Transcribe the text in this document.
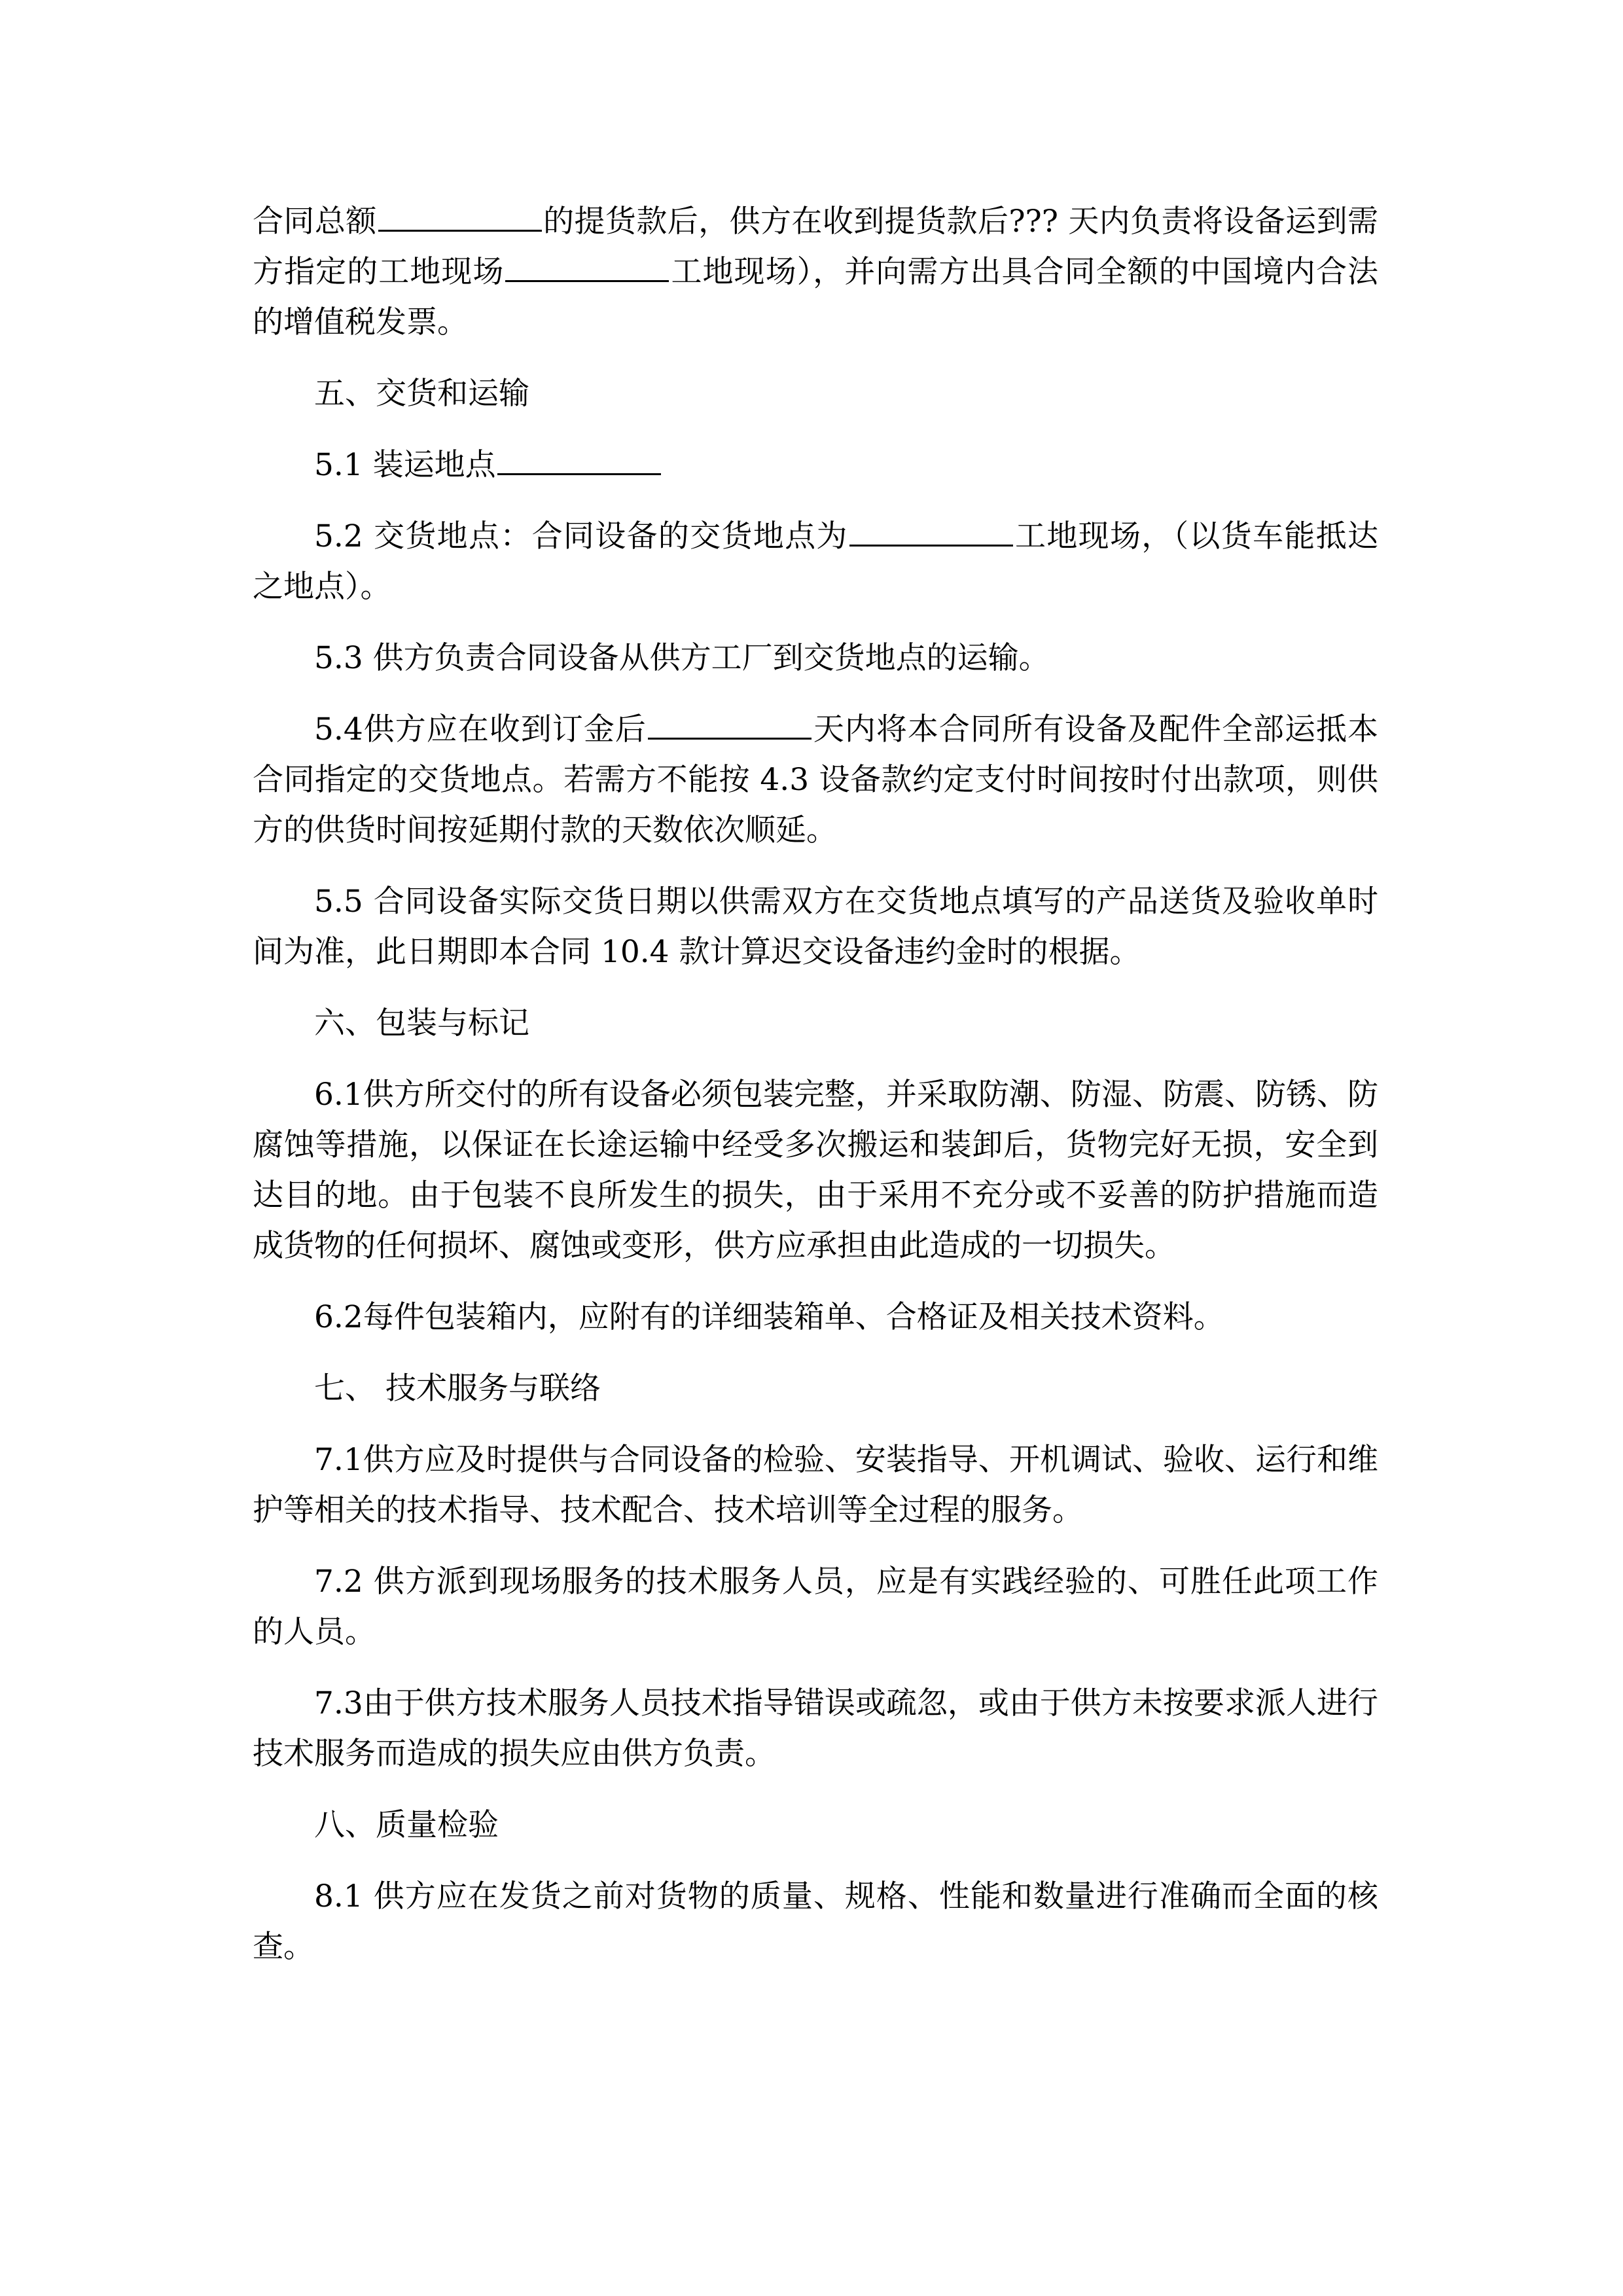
合同总额	的提货款后，供方在收到提货款后??? 天内负责将设备运到需方指定的工地现场	工地现场），并向需方出具合同全额的中国境内合法的增值税发票。

五、交货和运输

5.1 装运地点

5.2 交货地点：合同设备的交货地点为	工地现场，（以货车能抵达之地点）。

5.3 供方负责合同设备从供方工厂到交货地点的运输。

5.4供方应在收到订金后	天内将本合同所有设备及配件全部运抵本合同指定的交货地点。若需方不能按 4.3 设备款约定支付时间按时付出款项，则供方的供货时间按延期付款的天数依次顺延。

5.5 合同设备实际交货日期以供需双方在交货地点填写的产品送货及验收单时间为准，此日期即本合同 10.4 款计算迟交设备违约金时的根据。

六、包装与标记

6.1供方所交付的所有设备必须包装完整，并采取防潮、防湿、防震、防锈、防腐蚀等措施，以保证在长途运输中经受多次搬运和装卸后，货物完好无损，安全到达目的地。由于包装不良所发生的损失，由于采用不充分或不妥善的防护措施而造成货物的任何损坏、腐蚀或变形，供方应承担由此造成的一切损失。

6.2每件包装箱内，应附有的详细装箱单、合格证及相关技术资料。

七、 技术服务与联络

7.1供方应及时提供与合同设备的检验、安装指导、开机调试、验收、运行和维护等相关的技术指导、技术配合、技术培训等全过程的服务。

7.2 供方派到现场服务的技术服务人员，应是有实践经验的、可胜任此项工作的人员。

7.3由于供方技术服务人员技术指导错误或疏忽，或由于供方未按要求派人进行技术服务而造成的损失应由供方负责。

八、质量检验

8.1 供方应在发货之前对货物的质量、规格、性能和数量进行准确而全面的核查。
